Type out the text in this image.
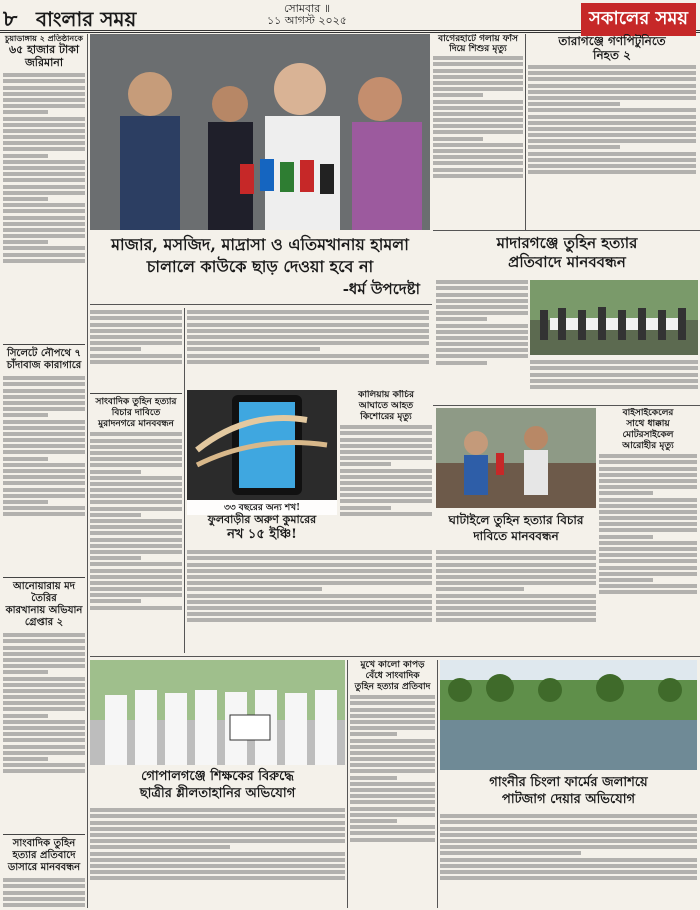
৮ বাংলার সময়	সোমবার ॥
১১ আগস্ট ২০২৫	সকালের সময়
চুয়াডাঙ্গায় ২ প্রতিষ্ঠানকে
৬৫ হাজার টাকা
জরিমানা
সিলেটে নৌপথে ৭
চাঁদাবাজ কারাগারে
আনোয়ারায় মদ তৈরির
কারখানায় অভিযান
গ্রেপ্তার ২
সাংবাদিক তুহিন
হত্যার প্রতিবাদে
ডাসারে মানববন্ধন
বাগেরহাটে গলায় ফাঁস
দিয়ে শিশুর মৃত্যু
তারাগঞ্জে গণপিটুনিতে
নিহত ২
মাজার, মসজিদ, মাদ্রাসা ও এতিমখানায় হামলা
চালালে কাউকে ছাড় দেওয়া হবে না
-ধর্ম উপদেষ্টা
মাদারগঞ্জে তুহিন হত্যার
প্রতিবাদে মানববন্ধন
সাংবাদিক তুহিন হত্যার
বিচার দাবিতে
মুরাদনগরে মানববন্ধন
৩৩ বছরের অন্য শখ!
কালিয়ায় কাঁচির
আঘাতে আহত
কিশোরের মৃত্যু
ফুলবাড়ীর অরুণ কুমারের
নখ ১৫ ইঞ্চি!
ঘাটাইলে তুহিন হত্যার বিচার
দাবিতে মানববন্ধন
বাইসাইকেলের
সাথে ধাক্কায়
মোটরসাইকেল
আরোহীর মৃত্যু
গোপালগঞ্জে শিক্ষকের বিরুদ্ধে
ছাত্রীর শ্লীলতাহানির অভিযোগ
মুখে কালো কাপড়
বেঁধে সাংবাদিক
তুহিন হত্যার প্রতিবাদ
গাংনীর চিংলা ফার্মের জলাশয়ে
পাটজাগ দেয়ার অভিযোগ
